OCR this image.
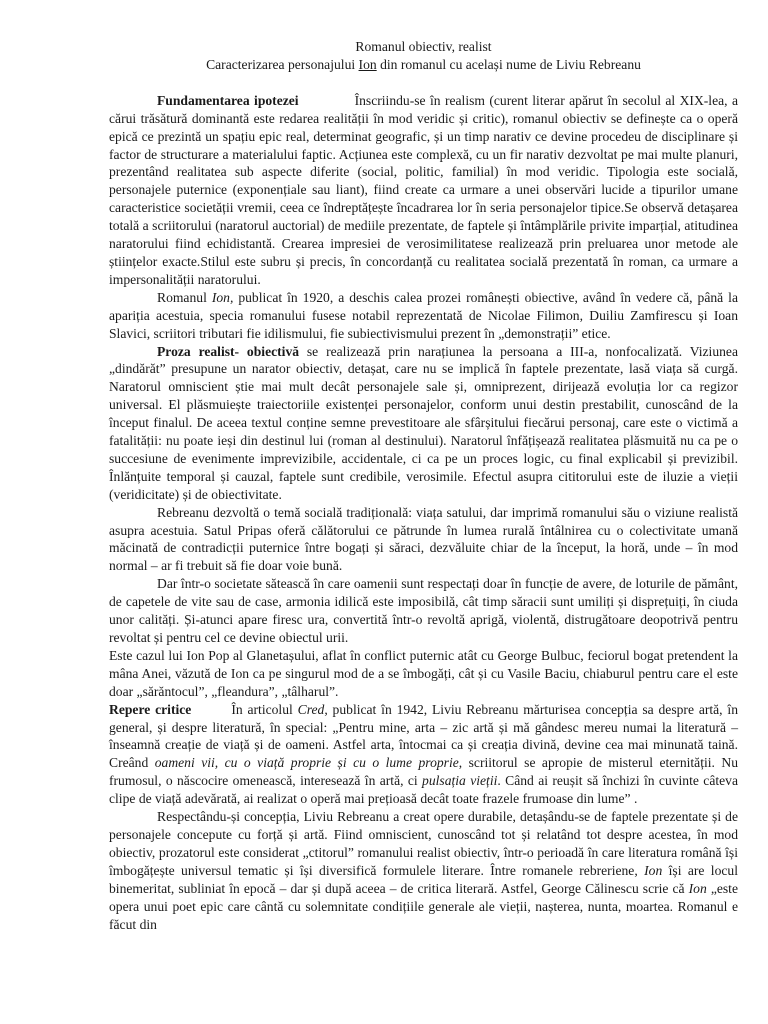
Romanul obiectiv, realist
Caracterizarea personajului Ion din romanul cu același nume de Liviu Rebreanu

Fundamentarea ipotezei	Înscriindu-se în realism (curent literar apărut în secolul al XIX-lea, a cărui trăsătură dominantă este redarea realității în mod veridic și critic), romanul obiectiv se definește ca o operă epică ce prezintă un spațiu epic real, determinat geografic, și un timp narativ ce devine procedeu de disciplinare și factor de structurare a materialului faptic. Acțiunea este complexă, cu un fir narativ dezvoltat pe mai multe planuri, prezentând realitatea sub aspecte diferite (social, politic, familial) în mod veridic. Tipologia este socială, personajele puternice (exponențiale sau liant), fiind create ca urmare a unei observări lucide a tipurilor umane caracteristice societății vremii, ceea ce îndreptățește încadrarea lor în seria personajelor tipice.Se observă detașarea totală a scriitorului (naratorul auctorial) de mediile prezentate, de faptele și întâmplările privite imparțial, atitudinea naratorului fiind echidistantă. Crearea impresiei de verosimilitatese realizează prin preluarea unor metode ale științelor exacte.Stilul este subru și precis, în concordanță cu realitatea socială prezentată în roman, ca urmare a impersonalității naratorului.

Romanul Ion, publicat în 1920, a deschis calea prozei românești obiective, având în vedere că, până la apariția acestuia, specia romanului fusese notabil reprezentată de Nicolae Filimon, Duiliu Zamfirescu și Ioan Slavici, scriitori tributari fie idilismului, fie subiectivismului prezent în „demonstrații” etice.

Proza realist- obiectivă se realizează prin narațiunea la persoana a III-a, nonfocalizată. Viziunea „dindărăt” presupune un narator obiectiv, detașat, care nu se implică în faptele prezentate, lasă viața să curgă. Naratorul omniscient știe mai mult decât personajele sale și, omniprezent, dirijează evoluția lor ca regizor universal. El plăsmuiește traiectoriile existenței personajelor, conform unui destin prestabilit, cunoscând de la început finalul. De aceea textul conține semne prevestitoare ale sfârșitului fiecărui personaj, care este o victimă a fatalității: nu poate ieși din destinul lui (roman al destinului). Naratorul înfățișează realitatea plăsmuită nu ca pe o succesiune de evenimente imprevizibile, accidentale, ci ca pe un proces logic, cu final explicabil și previzibil. Înlănțuite temporal și cauzal, faptele sunt credibile, verosimile. Efectul asupra cititorului este de iluzie a vieții (veridicitate) și de obiectivitate.

Rebreanu dezvoltă o temă socială tradițională: viața satului, dar imprimă romanului său o viziune realistă asupra acestuia. Satul Pripas oferă călătorului ce pătrunde în lumea rurală întâlnirea cu o colectivitate umană măcinată de contradicții puternice între bogați și săraci, dezvăluite chiar de la început, la horă, unde – în mod normal – ar fi trebuit să fie doar voie bună.

Dar într-o societate sătească în care oamenii sunt respectați doar în funcție de avere, de loturile de pământ, de capetele de vite sau de case, armonia idilică este imposibilă, cât timp săracii sunt umiliți și disprețuiți, în ciuda unor calități. Și-atunci apare firesc ura, convertită într-o revoltă aprigă, violentă, distrugătoare deopotrivă pentru revoltat și pentru cel ce devine obiectul urii.

Este cazul lui Ion Pop al Glanetașului, aflat în conflict puternic atât cu George Bulbuc, feciorul bogat pretendent la mâna Anei, văzută de Ion ca pe singurul mod de a se îmbogăți, cât și cu Vasile Baciu, chiaburul pentru care el este doar „sărăntocul”, „fleandura”, „tâlharul”.

Repere critice	În articolul Cred, publicat în 1942, Liviu Rebreanu mărturisea concepția sa despre artă, în general, și despre literatură, în special: „Pentru mine, arta – zic artă și mă gândesc mereu numai la literatură – înseamnă creație de viață și de oameni. Astfel arta, întocmai ca și creația divină, devine cea mai minunată taină. Creând oameni vii, cu o viață proprie și cu o lume proprie, scriitorul se apropie de misterul eternității. Nu frumosul, o născocire omenească, interesează în artă, ci pulsația vieții. Când ai reușit să închizi în cuvinte câteva clipe de viață adevărată, ai realizat o operă mai prețioasă decât toate frazele frumoase din lume” .

Respectându-și concepția, Liviu Rebreanu a creat opere durabile, detașându-se de faptele prezentate și de personajele concepute cu forță și artă. Fiind omniscient, cunoscând tot și relatând tot despre acestea, în mod obiectiv, prozatorul este considerat „ctitorul” romanului realist obiectiv, într-o perioadă în care literatura română își îmbogățește universul tematic și își diversifică formulele literare. Între romanele rebreriene, Ion își are locul binemeritat, subliniat în epocă – dar și după aceea – de critica literară. Astfel, George Călinescu scrie că Ion „este opera unui poet epic care cântă cu solemnitate condițiile generale ale vieții, nașterea, nunta, moartea. Romanul e făcut din
